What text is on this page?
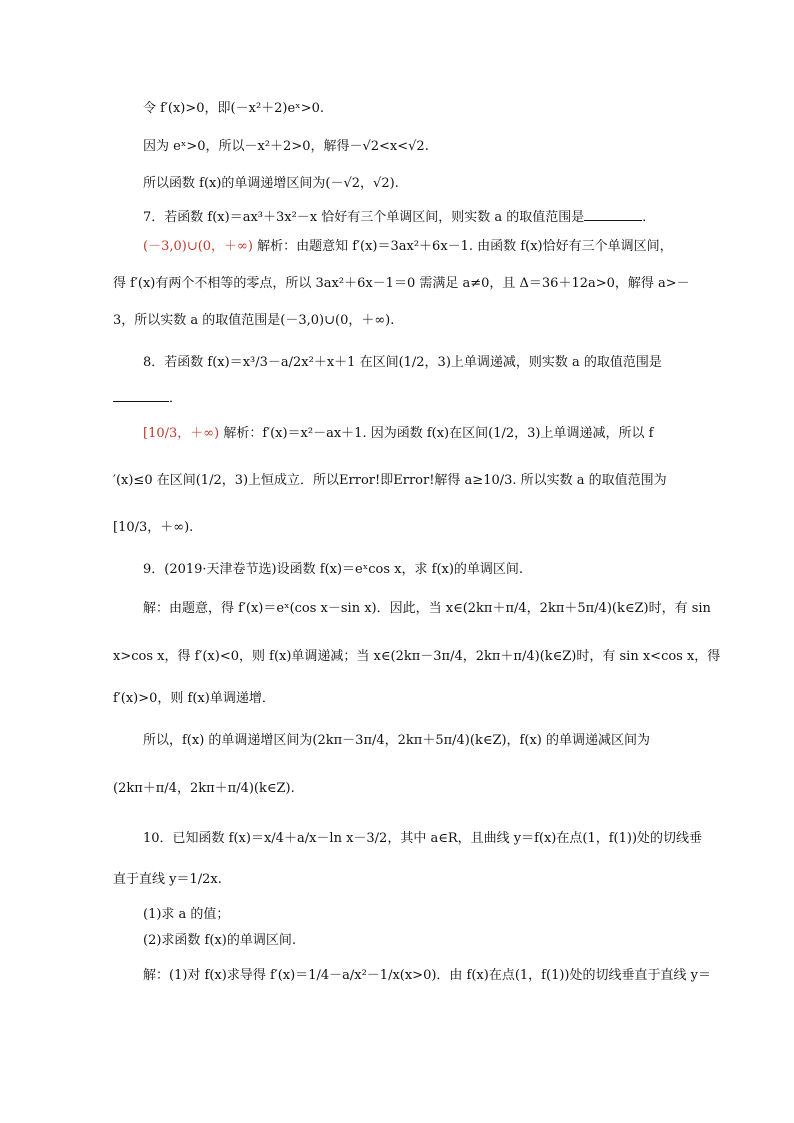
令 f′(x)>0，即(－x²＋2)eˣ>0.
因为 eˣ>0，所以－x²＋2>0，解得－√2<x<√2.
所以函数 f(x)的单调递增区间为(－√2，√2).
7．若函数 f(x)＝ax³＋3x²－x 恰好有三个单调区间，则实数 a 的取值范围是	．
(－3,0)∪(0，＋∞) 解析：由题意知 f′(x)＝3ax²＋6x－1. 由函数 f(x)恰好有三个单调区间，
得 f′(x)有两个不相等的零点，所以 3ax²＋6x－1＝0 需满足 a≠0，且 Δ＝36＋12a>0，解得 a>－
3，所以实数 a 的取值范围是(－3,0)∪(0，＋∞).
8．若函数 f(x)＝x³/3－a/2x²＋x＋1 在区间(1/2，3)上单调递减，则实数 a 的取值范围是
．
[10/3，＋∞) 解析：f′(x)＝x²－ax＋1. 因为函数 f(x)在区间(1/2，3)上单调递减，所以 f
′(x)≤0 在区间(1/2，3)上恒成立．所以Error!即Error!解得 a≥10/3. 所以实数 a 的取值范围为
[10/3，＋∞).
9．(2019·天津卷节选)设函数 f(x)＝eˣcos x，求 f(x)的单调区间.
解：由题意，得 f′(x)＝eˣ(cos x－sin x)．因此，当 x∈(2kπ＋π/4，2kπ＋5π/4)(k∈Z)时，有 sin
x>cos x，得 f′(x)<0，则 f(x)单调递减；当 x∈(2kπ－3π/4，2kπ＋π/4)(k∈Z)时，有 sin x<cos x，得
f′(x)>0，则 f(x)单调递增．
所以，f(x) 的单调递增区间为(2kπ－3π/4，2kπ＋5π/4)(k∈Z)，f(x) 的单调递减区间为
(2kπ＋π/4，2kπ＋π/4)(k∈Z).
10．已知函数 f(x)＝x/4＋a/x－ln x－3/2，其中 a∈R，且曲线 y＝f(x)在点(1，f(1))处的切线垂
直于直线 y＝1/2x.
(1)求 a 的值；
(2)求函数 f(x)的单调区间.
解：(1)对 f(x)求导得 f′(x)＝1/4－a/x²－1/x(x>0)．由 f(x)在点(1，f(1))处的切线垂直于直线 y＝
